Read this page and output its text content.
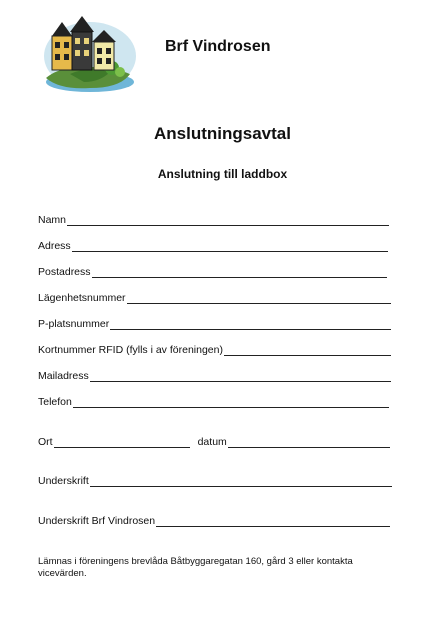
Brf Vindrosen
Anslutningsavtal
Anslutning till laddbox
Namn
Adress
Postadress
Lägenhetsnummer
P-platsnummer
Kortnummer RFID (fylls i av föreningen)
Mailadress
Telefon
Ort	datum
Underskrift
Underskrift Brf Vindrosen
Lämnas i föreningens brevlåda Båtbyggaregatan 160, gård 3 eller kontakta vicevärden.
